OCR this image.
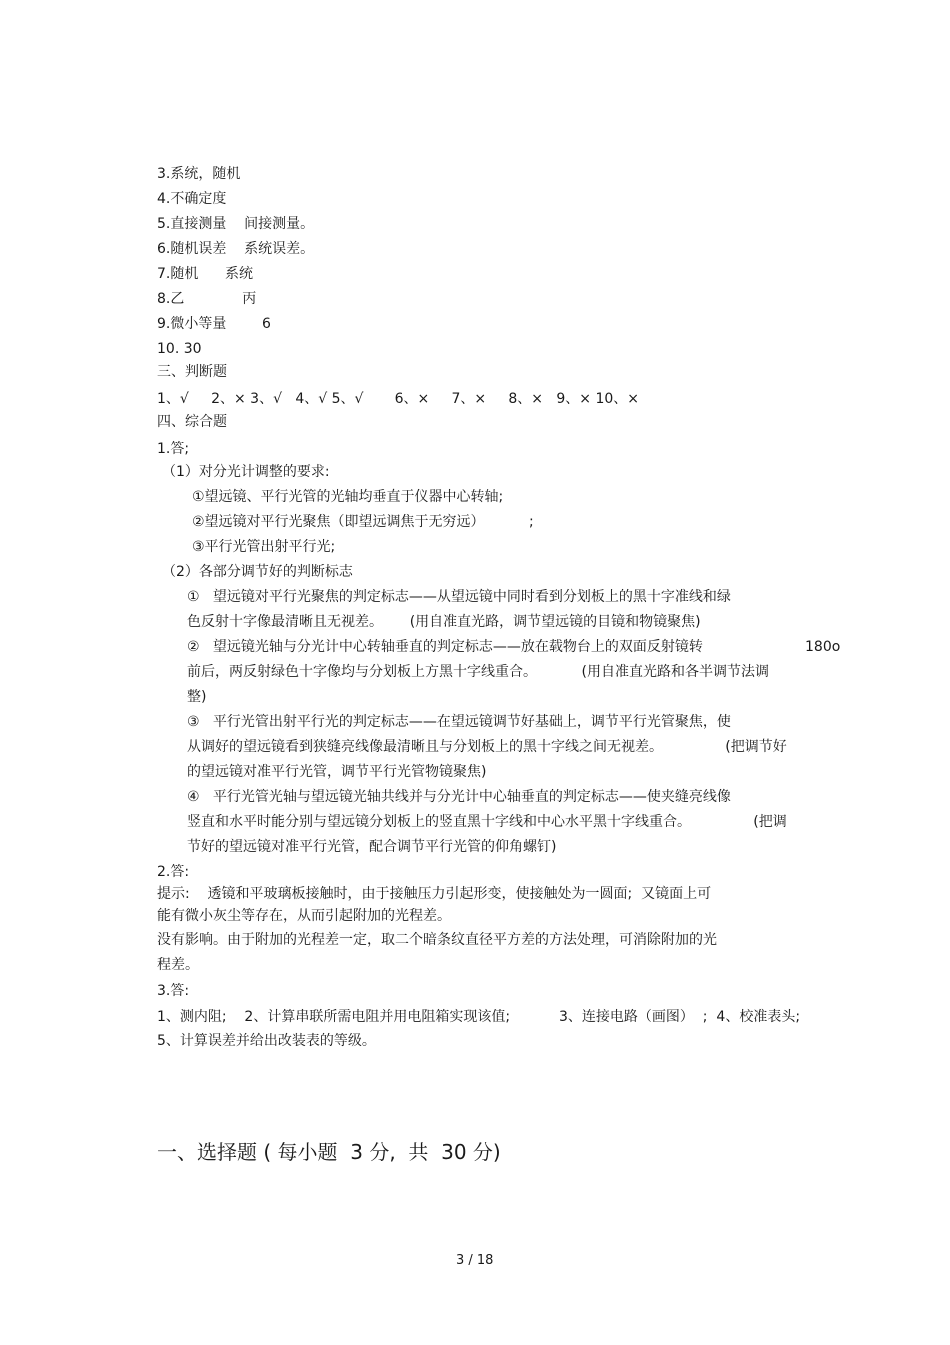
3.系统，随机

4.不确定度

5.直接测量    间接测量。

6.随机误差    系统误差。

7.随机      系统

8.乙             丙

9.微小等量        6

10. 30

三、判断题

1、√     2、× 3、√   4、√ 5、√       6、×     7、×     8、×   9、× 10、×

四、综合题

1.答;

（1）对分光计调整的要求:

①望远镜、平行光管的光轴均垂直于仪器中心转轴;

②望远镜对平行光聚焦（即望远调焦于无穷远）          ;

③平行光管出射平行光;

（2）各部分调节好的判断标志

①   望远镜对平行光聚焦的判定标志——从望远镜中同时看到分划板上的黑十字准线和绿

色反射十字像最清晰且无视差。      (用自准直光路，调节望远镜的目镜和物镜聚焦)

②   望远镜光轴与分光计中心转轴垂直的判定标志——放在载物台上的双面反射镜转	180o

前后，两反射绿色十字像均与分划板上方黑十字线重合。          (用自准直光路和各半调节法调

整)

③   平行光管出射平行光的判定标志——在望远镜调节好基础上，调节平行光管聚焦，使

从调好的望远镜看到狭缝亮线像最清晰且与分划板上的黑十字线之间无视差。              (把调节好

的望远镜对准平行光管，调节平行光管物镜聚焦)

④   平行光管光轴与望远镜光轴共线并与分光计中心轴垂直的判定标志——使夹缝亮线像

竖直和水平时能分别与望远镜分划板上的竖直黑十字线和中心水平黑十字线重合。              (把调

节好的望远镜对准平行光管，配合调节平行光管的仰角螺钉)

2.答:

提示:    透镜和平玻璃板接触时，由于接触压力引起形变，使接触处为一圆面;  又镜面上可

能有微小灰尘等存在，从而引起附加的光程差。

没有影响。由于附加的光程差一定，取二个暗条纹直径平方差的方法处理，可消除附加的光

程差。

3.答:

1、测内阻;    2、计算串联所需电阻并用电阻箱实现该值;           3、连接电路（画图）  ;  4、校准表头;

5、计算误差并给出改装表的等级。

一、选择题 ( 每小题  3 分,  共  30 分)

3 / 18
